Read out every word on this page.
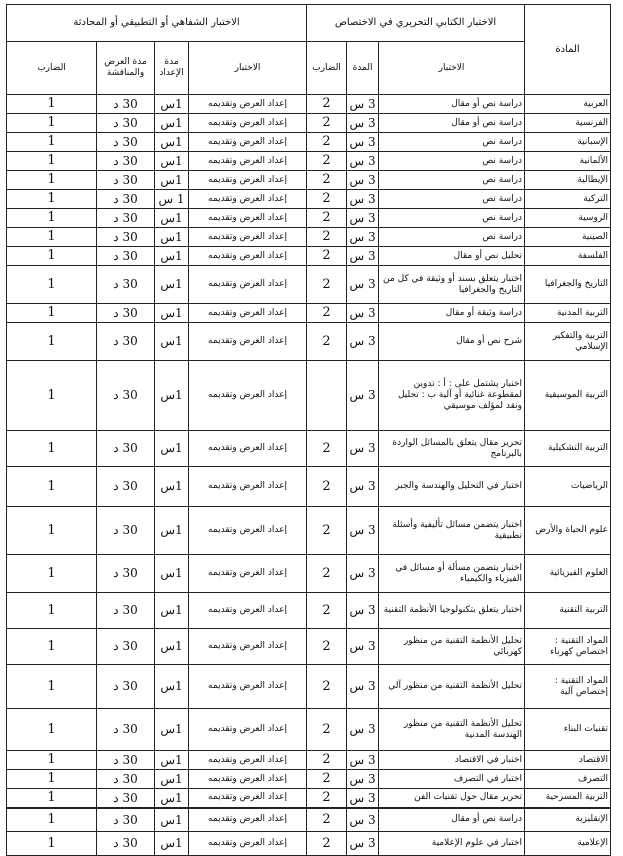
المادة	الاختبار الكتابي التحريري في الاختصاص			الاختبار الشفاهي أو التطبيقي أو المحادثة			
	الاختبار	المدة	الضارب	الاختبار	مدة الإعداد	مدة العرض والمناقشة	الضارب
العربية	دراسة نص أو مقال	3 س	2	إعداد العرض وتقديمه	1س	30 د	1
الفرنسية	دراسة نص أو مقال	3 س	2	إعداد العرض وتقديمه	1س	30 د	1
الإسبانية	دراسة نص	3 س	2	إعداد العرض وتقديمه	1س	30 د	1
الألمانية	دراسة نص	3 س	2	إعداد العرض وتقديمه	1س	30 د	1
الإيطالية	دراسة نص	3 س	2	إعداد العرض وتقديمه	1س	30 د	1
التركية	دراسة نص	3 س	2	إعداد العرض وتقديمه	1 س	30 د	1
الروسية	دراسة نص	3 س	2	إعداد العرض وتقديمه	1س	30 د	1
الصينية	دراسة نص	3 س	2	إعداد العرض وتقديمه	1س	30 د	1
الفلسفة	تحليل نص أو مقال	3 س	2	إعداد العرض وتقديمه	1س	30 د	1
التاريخ والجغرافيا	اختبار يتعلق بسند أو وثيقة في كل من التاريخ والجغرافيا	3 س	2	إعداد العرض وتقديمه	1س	30 د	1
التربية المدنية	دراسة وثيقة أو مقال	3 س	2	إعداد العرض وتقديمه	1س	30 د	1
التربية والتفكير الإسلامي	شرح نص أو مقال	3 س	2	إعداد العرض وتقديمه	1س	30 د	1
التربية الموسيقية	اختبار يشتمل على : أ : تدوين لمقطوعة غنائية أو آلية ب : تحليل ونقد لمؤلف موسيقي	3 س		إعداد العرض وتقديمه	1س	30 د	1
التربية التشكيلية	تحرير مقال يتعلق بالمسائل الواردة بالبرنامج	3 س	2	إعداد العرض وتقديمه	1س	30 د	1
الرياضيات	اختبار في التحليل والهندسة والجبر	3 س	2	إعداد العرض وتقديمه	1س	30 د	1
علوم الحياة والأرض	اختبار يتضمن مسائل تأليفية وأسئلة تطبيقية	3 س	2	إعداد العرض وتقديمه	1س	30 د	1
العلوم الفيزيائية	اختبار يتضمن مسألة أو مسائل في الفيزياء والكيمياء	3 س	2	إعداد العرض وتقديمه	1س	30 د	1
التربية التقنية	اختبار يتعلق بتكنولوجيا الأنظمة التقنية	3 س	2	إعداد العرض وتقديمه	1س	30 د	1
المواد التقنية : اختصاص كهرباء	تحليل الأنظمة التقنية من منظور كهربائي	3 س	2	إعداد العرض وتقديمه	1س	30 د	1
المواد التقنية : إختصاص آلية	تحليل الأنظمة التقنية من منظور آلي	3 س	2	إعداد العرض وتقديمه	1س	30 د	1
تقنيات البناء	تحليل الأنظمة التقنية من منظور الهندسة المدنية	3 س	2	إعداد العرض وتقديمه	1س	30 د	1
الاقتصاد	اختبار في الاقتصاد	3 س	2	إعداد العرض وتقديمه	1س	30 د	1
التصرف	اختبار في التصرف	3 س	2	إعداد العرض وتقديمه	1س	30 د	1
التربية المسرحية	تحرير مقال حول تقنيات الفن	3 س	2	إعداد العرض وتقديمه	1س	30 د	1
الإنقليزية	دراسة نص أو مقال	3 س	2	إعداد العرض وتقديمه	1س	30 د	1
الإعلامية	اختبار في علوم الإعلامية	3 س	2	إعداد العرض وتقديمه	1س	30 د	1
